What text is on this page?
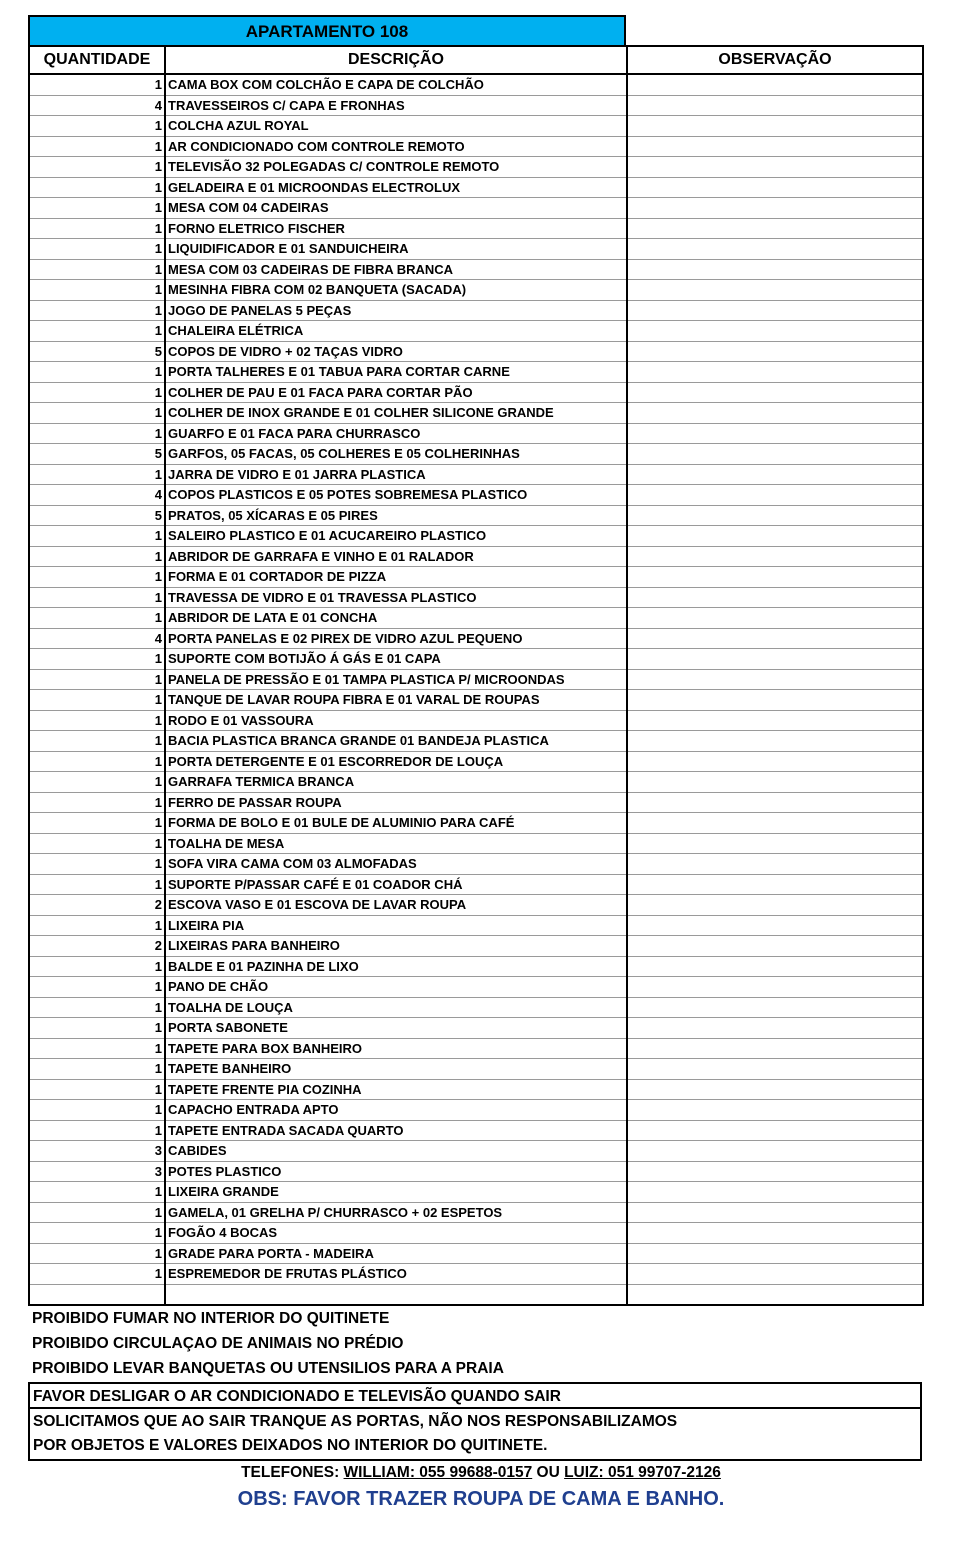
APARTAMENTO 108
QUANTIDADE	DESCRIÇÃO	OBSERVAÇÃO
1	CAMA BOX COM COLCHÃO E CAPA DE COLCHÃO	
4	TRAVESSEIROS C/ CAPA E FRONHAS	
1	COLCHA AZUL ROYAL	
1	AR CONDICIONADO COM CONTROLE REMOTO	
1	TELEVISÃO 32 POLEGADAS C/ CONTROLE REMOTO	
1	GELADEIRA E 01 MICROONDAS ELECTROLUX	
1	MESA COM 04 CADEIRAS	
1	FORNO ELETRICO FISCHER	
1	LIQUIDIFICADOR E 01 SANDUICHEIRA	
1	MESA COM 03 CADEIRAS DE FIBRA BRANCA	
1	MESINHA FIBRA COM 02 BANQUETA (SACADA)	
1	JOGO DE PANELAS 5 PEÇAS	
1	CHALEIRA ELÉTRICA	
5	COPOS DE VIDRO + 02 TAÇAS VIDRO	
1	PORTA TALHERES E 01 TABUA PARA CORTAR CARNE	
1	COLHER DE PAU E 01 FACA PARA CORTAR PÃO	
1	COLHER DE INOX GRANDE E 01 COLHER SILICONE GRANDE	
1	GUARFO E 01 FACA PARA CHURRASCO	
5	GARFOS, 05 FACAS, 05 COLHERES E 05 COLHERINHAS	
1	JARRA DE VIDRO E 01 JARRA PLASTICA	
4	COPOS PLASTICOS E 05 POTES SOBREMESA PLASTICO	
5	PRATOS, 05 XÍCARAS E 05 PIRES	
1	SALEIRO PLASTICO E 01 ACUCAREIRO PLASTICO	
1	ABRIDOR DE GARRAFA E VINHO E 01 RALADOR	
1	FORMA E 01 CORTADOR DE PIZZA	
1	TRAVESSA DE VIDRO E 01 TRAVESSA PLASTICO	
1	ABRIDOR DE LATA E 01 CONCHA	
4	PORTA PANELAS E 02 PIREX DE VIDRO AZUL PEQUENO	
1	SUPORTE COM BOTIJÃO Á GÁS E 01 CAPA	
1	PANELA DE PRESSÃO E 01 TAMPA PLASTICA P/ MICROONDAS	
1	TANQUE DE LAVAR ROUPA FIBRA E 01 VARAL DE ROUPAS	
1	RODO E 01 VASSOURA	
1	BACIA PLASTICA BRANCA GRANDE 01 BANDEJA PLASTICA	
1	PORTA DETERGENTE E 01 ESCORREDOR DE LOUÇA	
1	GARRAFA TERMICA BRANCA	
1	FERRO DE PASSAR ROUPA	
1	FORMA DE BOLO E 01 BULE DE ALUMINIO PARA CAFÉ	
1	TOALHA DE MESA	
1	SOFA VIRA CAMA COM 03 ALMOFADAS	
1	SUPORTE P/PASSAR CAFÉ E 01 COADOR CHÁ	
2	ESCOVA VASO E 01 ESCOVA DE LAVAR ROUPA	
1	LIXEIRA PIA	
2	LIXEIRAS PARA BANHEIRO	
1	BALDE E 01 PAZINHA DE LIXO	
1	PANO DE CHÃO	
1	TOALHA DE LOUÇA	
1	PORTA SABONETE	
1	TAPETE PARA BOX BANHEIRO	
1	TAPETE BANHEIRO	
1	TAPETE FRENTE PIA COZINHA	
1	CAPACHO ENTRADA APTO	
1	TAPETE ENTRADA SACADA QUARTO	
3	CABIDES	
3	POTES PLASTICO	
1	LIXEIRA GRANDE	
1	GAMELA, 01 GRELHA P/ CHURRASCO + 02 ESPETOS	
1	FOGÃO 4 BOCAS	
1	GRADE PARA PORTA - MADEIRA	
1	ESPREMEDOR DE FRUTAS PLÁSTICO	

PROIBIDO FUMAR NO INTERIOR DO QUITINETE
PROIBIDO CIRCULAÇAO DE ANIMAIS NO PRÉDIO
PROIBIDO LEVAR BANQUETAS OU UTENSILIOS PARA A PRAIA
FAVOR DESLIGAR O AR CONDICIONADO E TELEVISÃO QUANDO SAIR
SOLICITAMOS QUE AO SAIR TRANQUE AS PORTAS, NÃO NOS RESPONSABILIZAMOS
POR OBJETOS E VALORES DEIXADOS NO INTERIOR DO QUITINETE.
TELEFONES: WILLIAM: 055 99688-0157 OU LUIZ: 051 99707-2126
OBS: FAVOR TRAZER ROUPA DE CAMA E BANHO.
